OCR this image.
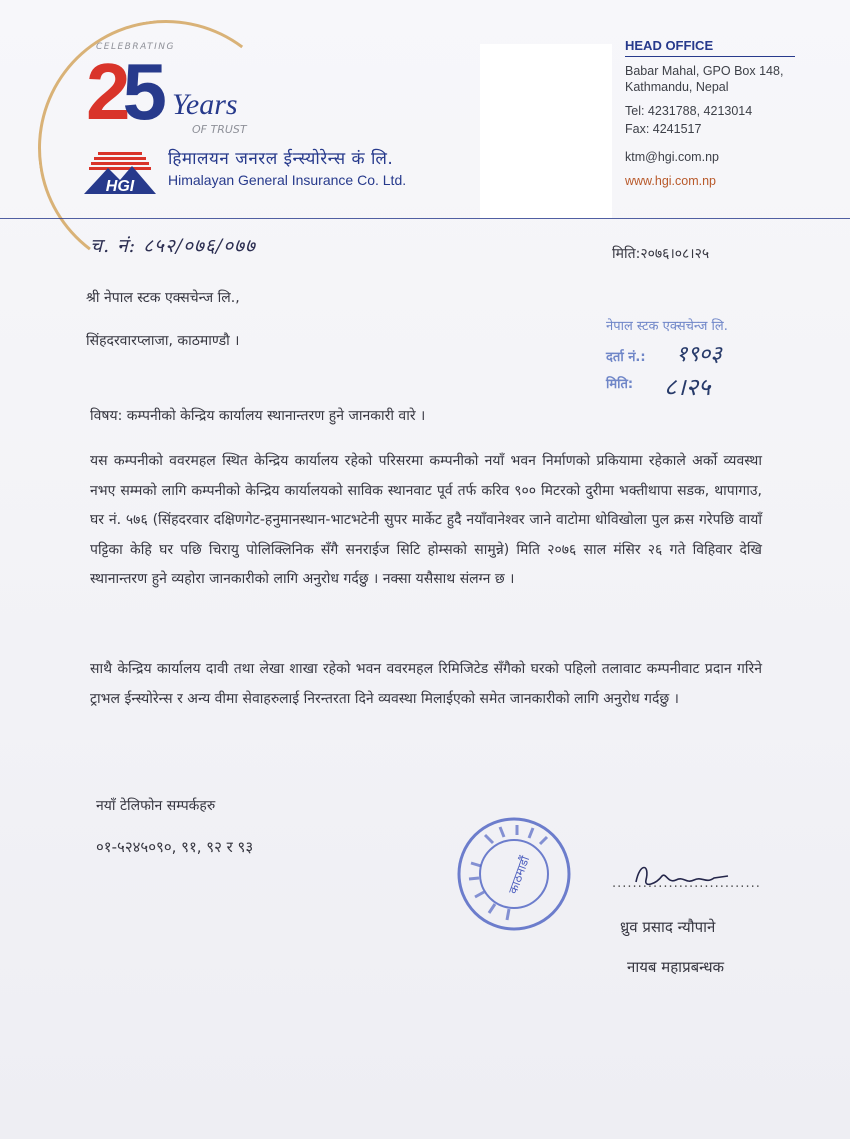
CELEBRATING
25 Years
OF TRUST
HGI
हिमालयन जनरल ईन्स्योरेन्स कं लि.
Himalayan General Insurance Co. Ltd.
HEAD OFFICE
Babar Mahal, GPO Box 148,
Kathmandu, Nepal
Tel: 4231788, 4213014
Fax: 4241517
ktm@hgi.com.np
www.hgi.com.np
च. नं: ८५२/०७६/०७७	मिति:२०७६।०८।२५
श्री नेपाल स्टक एक्सचेन्ज लि.,
सिंहदरवारप्लाजा, काठमाण्डौ ।
नेपाल स्टक एक्सचेन्ज लि.
दर्ता नं.: १९०३
मिति: ८।२५
विषय: कम्पनीको केन्द्रिय कार्यालय स्थानान्तरण हुने जानकारी वारे ।
यस कम्पनीको ववरमहल स्थित केन्द्रिय कार्यालय रहेको परिसरमा कम्पनीको नयाँ भवन निर्माणको प्रकियामा रहेकाले अर्को व्यवस्था नभए सम्मको लागि कम्पनीको केन्द्रिय कार्यालयको साविक स्थानवाट पूर्व तर्फ करिव ९०० मिटरको दुरीमा भक्तीथापा सडक, थापागाउ, घर नं. ५७६ (सिंहदरवार दक्षिणगेट-हनुमानस्थान-भाटभटेनी सुपर मार्केट हुदै नयाँवानेश्वर जाने वाटोमा धोविखोला पुल क्रस गरेपछि वायाँ पट्टिका केहि घर पछि चिरायु पोलिक्लिनिक सँगै सनराईज सिटि होम्सको सामुन्ने) मिति २०७६ साल मंसिर २६ गते विहिवार देखि स्थानान्तरण हुने व्यहोरा जानकारीको लागि अनुरोध गर्दछु । नक्सा यसैसाथ संलग्न छ ।
साथै केन्द्रिय कार्यालय दावी तथा लेखा शाखा रहेको भवन ववरमहल रिमिजिटेड सँगैको घरको पहिलो तलावाट कम्पनीवाट प्रदान गरिने ट्राभल ईन्स्योरेन्स र अन्य वीमा सेवाहरुलाई निरन्तरता दिने व्यवस्था मिलाईएको समेत जानकारीको लागि अनुरोध गर्दछु ।
नयाँ टेलिफोन सम्पर्कहरु
०१-५२४५०९०, ९१, ९२ र ९३
काठमाडौं	.............................
ध्रुव प्रसाद न्यौपाने
नायब महाप्रबन्धक
